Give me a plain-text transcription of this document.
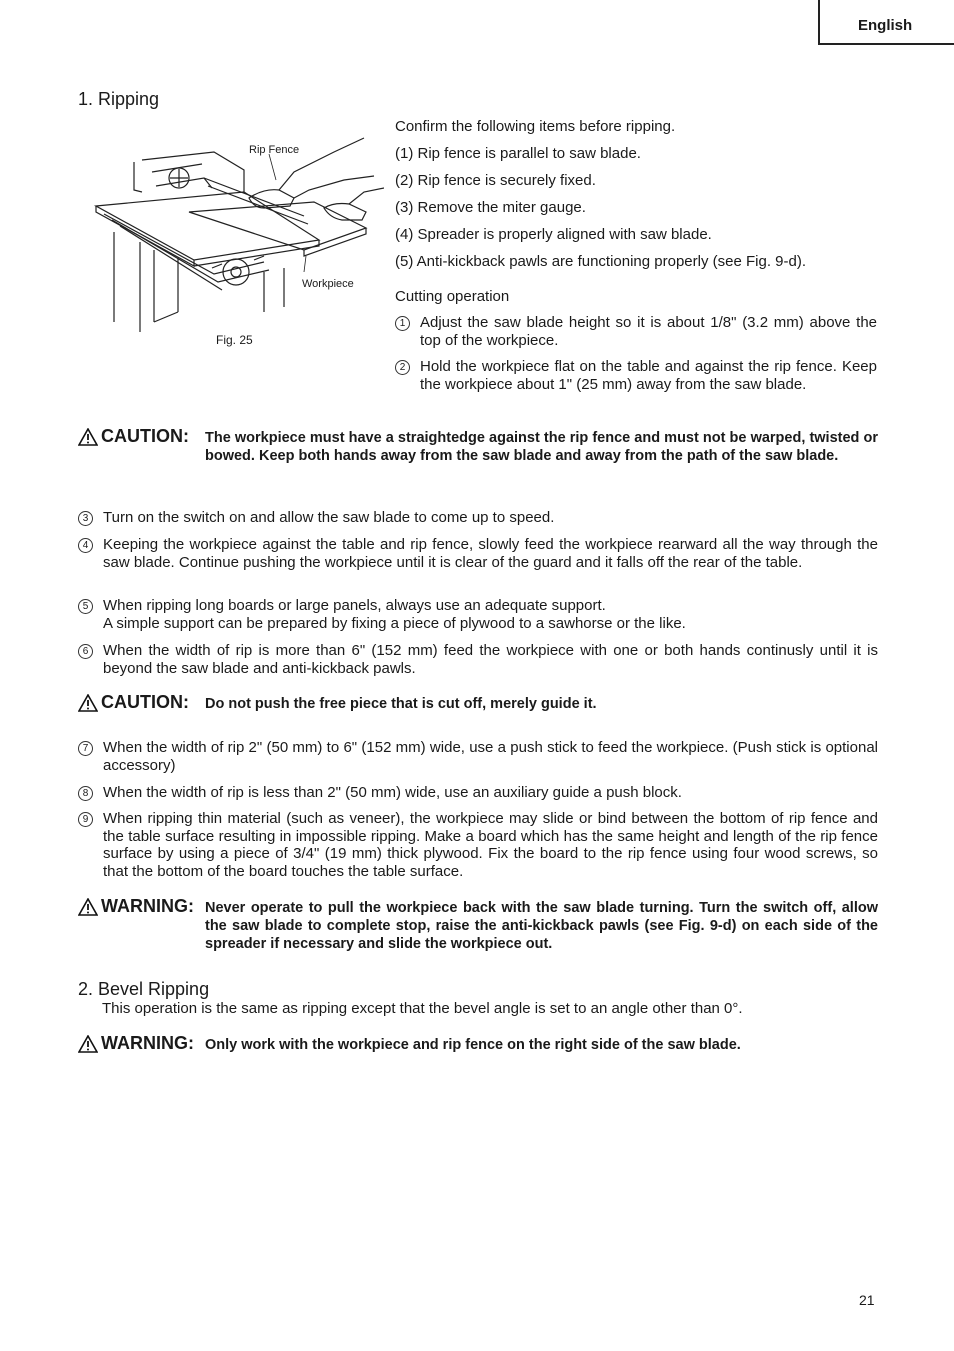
English
1. Ripping
Rip Fence
Workpiece
Fig. 25

Confirm the following items before ripping.

(1) Rip fence is parallel to saw blade.

(2) Rip fence is securely fixed.

(3) Remove the miter gauge.

(4) Spreader is properly aligned with saw blade.

(5) Anti-kickback pawls are functioning properly (see Fig. 9-d).

Cutting operation

1 Adjust the saw blade height so it is about 1/8" (3.2 mm) above the top of the workpiece.
2 Hold the workpiece flat on the table and against the rip fence. Keep the workpiece about 1" (25 mm) away from the saw blade.
CAUTION: The workpiece must have a straightedge against the rip fence and must not be warped, twisted or bowed. Keep both hands away from the saw blade and away from the path of the saw blade.
3 Turn on the switch on and allow the saw blade to come up to speed.
4 Keeping the workpiece against the table and rip fence, slowly feed the workpiece rearward all the way through the saw blade. Continue pushing the workpiece until it is clear of the guard and it falls off the rear of the table.
5 When ripping long boards or large panels, always use an adequate support.
A simple support can be prepared by fixing a piece of plywood to a sawhorse or the like.
6 When the width of rip is more than 6" (152 mm) feed the workpiece with one or both hands continusly until it is beyond the saw blade and anti-kickback pawls.
CAUTION: Do not push the free piece that is cut off, merely guide it.
7 When the width of rip 2" (50 mm) to 6" (152 mm) wide, use a push stick to feed the workpiece. (Push stick is optional accessory)
8 When the width of rip is less than 2" (50 mm) wide, use an auxiliary guide a push block.
9 When ripping thin material (such as veneer), the workpiece may slide or bind between the bottom of rip fence and the table surface resulting in impossible ripping. Make a board which has the same height and length of the rip fence surface by using a piece of 3/4" (19 mm) thick plywood. Fix the board to the rip fence using four wood screws, so that the bottom of the board touches the table surface.
WARNING: Never operate to pull the workpiece back with the saw blade turning. Turn the switch off, allow the saw blade to complete stop, raise the anti-kickback pawls (see Fig. 9-d) on each side of the spreader if necessary and slide the workpiece out.
2. Bevel Ripping
This operation is the same as ripping except that the bevel angle is set to an angle other than 0°.
WARNING: Only work with the workpiece and rip fence on the right side of the saw blade.
21
